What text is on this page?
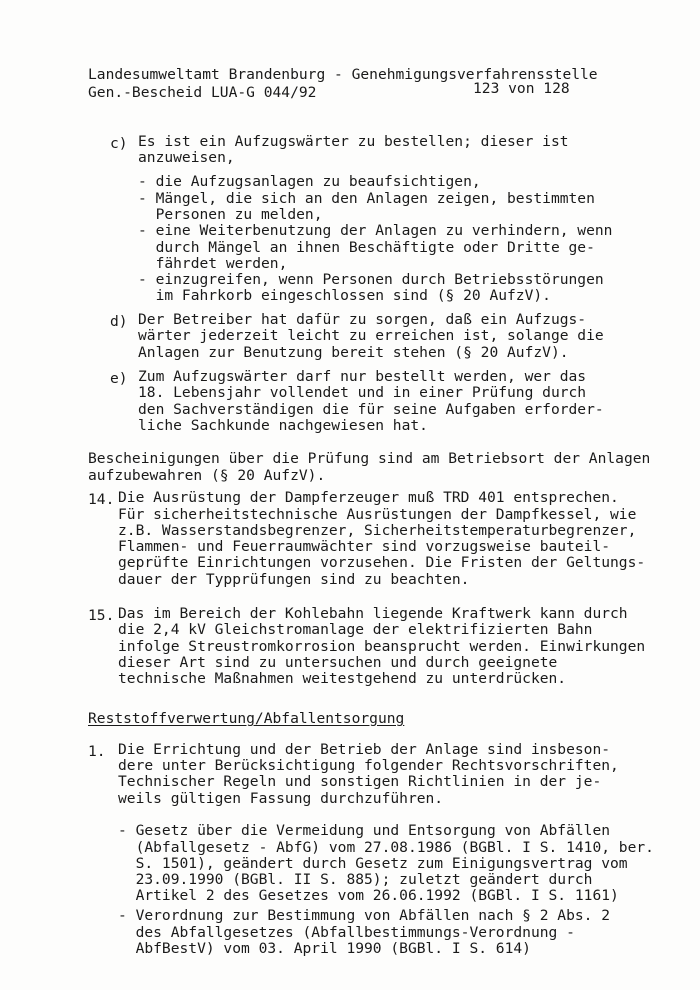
Landesumweltamt Brandenburg - Genehmigungsverfahrensstelle
Gen.-Bescheid LUA-G 044/92	123 von 128
c) Es ist ein Aufzugswärter zu bestellen; dieser ist
anzuweisen,
- die Aufzugsanlagen zu beaufsichtigen,
- Mängel, die sich an den Anlagen zeigen, bestimmten
Personen zu melden,
- eine Weiterbenutzung der Anlagen zu verhindern, wenn
durch Mängel an ihnen Beschäftigte oder Dritte ge-
fährdet werden,
- einzugreifen, wenn Personen durch Betriebsstörungen
im Fahrkorb eingeschlossen sind (§ 20 AufzV).
d) Der Betreiber hat dafür zu sorgen, daß ein Aufzugs-
wärter jederzeit leicht zu erreichen ist, solange die
Anlagen zur Benutzung bereit stehen (§ 20 AufzV).
e) Zum Aufzugswärter darf nur bestellt werden, wer das
18. Lebensjahr vollendet und in einer Prüfung durch
den Sachverständigen die für seine Aufgaben erforder-
liche Sachkunde nachgewiesen hat.
Bescheinigungen über die Prüfung sind am Betriebsort der Anlagen
aufzubewahren (§ 20 AufzV).
14. Die Ausrüstung der Dampferzeuger muß TRD 401 entsprechen.
Für sicherheitstechnische Ausrüstungen der Dampfkessel, wie
z.B. Wasserstandsbegrenzer, Sicherheitstemperaturbegrenzer,
Flammen- und Feuerraumwächter sind vorzugsweise bauteil-
geprüfte Einrichtungen vorzusehen. Die Fristen der Geltungs-
dauer der Typprüfungen sind zu beachten.
15. Das im Bereich der Kohlebahn liegende Kraftwerk kann durch
die 2,4 kV Gleichstromanlage der elektrifizierten Bahn
infolge Streustromkorrosion beansprucht werden. Einwirkungen
dieser Art sind zu untersuchen und durch geeignete
technische Maßnahmen weitestgehend zu unterdrücken.
Reststoffverwertung/Abfallentsorgung
1. Die Errichtung und der Betrieb der Anlage sind insbeson-
dere unter Berücksichtigung folgender Rechtsvorschriften,
Technischer Regeln und sonstigen Richtlinien in der je-
weils gültigen Fassung durchzuführen.
- Gesetz über die Vermeidung und Entsorgung von Abfällen
(Abfallgesetz - AbfG) vom 27.08.1986 (BGBl. I S. 1410, ber.
S. 1501), geändert durch Gesetz zum Einigungsvertrag vom
23.09.1990 (BGBl. II S. 885); zuletzt geändert durch
Artikel 2 des Gesetzes vom 26.06.1992 (BGBl. I S. 1161)
- Verordnung zur Bestimmung von Abfällen nach § 2 Abs. 2
des Abfallgesetzes (Abfallbestimmungs-Verordnung -
AbfBestV) vom 03. April 1990 (BGBl. I S. 614)
